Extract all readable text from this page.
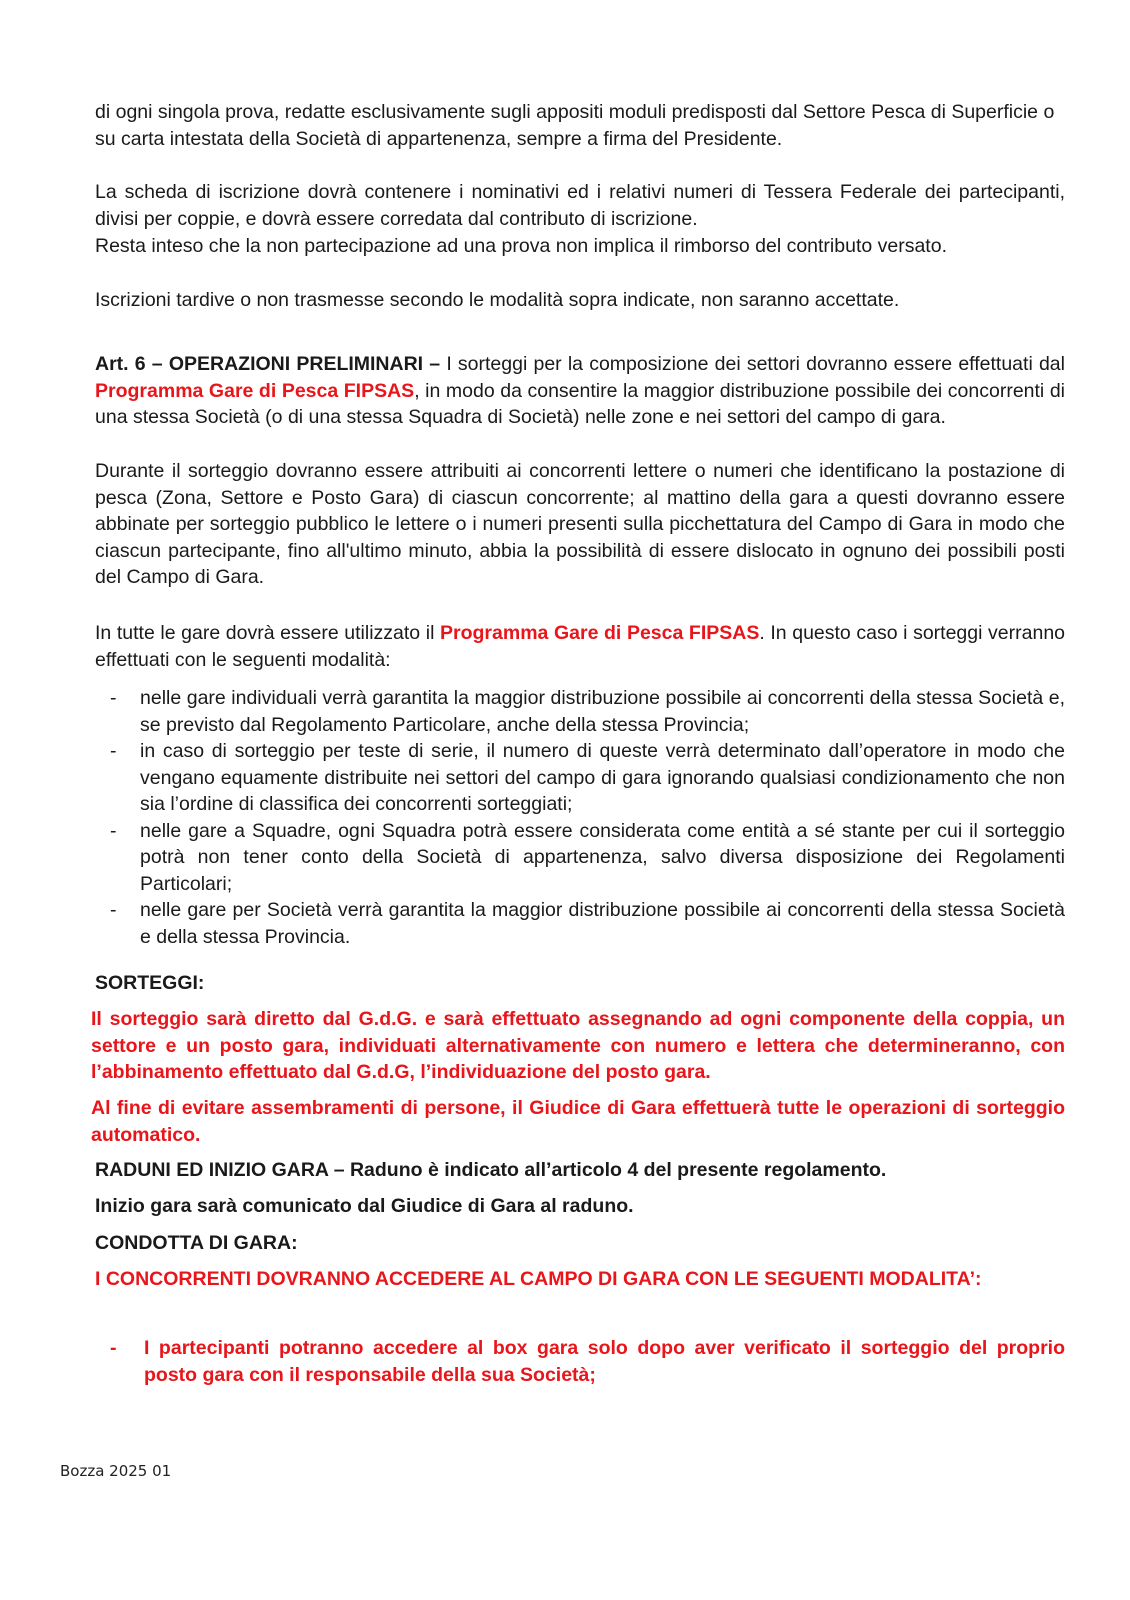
di ogni singola prova, redatte esclusivamente sugli appositi moduli predisposti dal Settore Pesca di Superficie o su carta intestata della Società di appartenenza, sempre a firma del Presidente.

La scheda di iscrizione dovrà contenere i nominativi ed i relativi numeri di Tessera Federale dei partecipanti, divisi per coppie, e dovrà essere corredata dal contributo di iscrizione.

Resta inteso che la non partecipazione ad una prova non implica il rimborso del contributo versato.

Iscrizioni tardive o non trasmesse secondo le modalità sopra indicate, non saranno accettate.

Art. 6 – OPERAZIONI PRELIMINARI – I sorteggi per la composizione dei settori dovranno essere effettuati dal Programma Gare di Pesca FIPSAS, in modo da consentire la maggior distribuzione possibile dei concorrenti di una stessa Società (o di una stessa Squadra di Società) nelle zone e nei settori del campo di gara.

Durante il sorteggio dovranno essere attribuiti ai concorrenti lettere o numeri che identificano la postazione di pesca (Zona, Settore e Posto Gara) di ciascun concorrente; al mattino della gara a questi dovranno essere abbinate per sorteggio pubblico le lettere o i numeri presenti sulla picchettatura del Campo di Gara in modo che ciascun partecipante, fino all'ultimo minuto, abbia la possibilità di essere dislocato in ognuno dei possibili posti del Campo di Gara.

In tutte le gare dovrà essere utilizzato il Programma Gare di Pesca FIPSAS. In questo caso i sorteggi verranno effettuati con le seguenti modalità:

- nelle gare individuali verrà garantita la maggior distribuzione possibile ai concorrenti della stessa Società e, se previsto dal Regolamento Particolare, anche della stessa Provincia;
- in caso di sorteggio per teste di serie, il numero di queste verrà determinato dall’operatore in modo che vengano equamente distribuite nei settori del campo di gara ignorando qualsiasi condizionamento che non sia l’ordine di classifica dei concorrenti sorteggiati;
- nelle gare a Squadre, ogni Squadra potrà essere considerata come entità a sé stante per cui il sorteggio potrà non tener conto della Società di appartenenza, salvo diversa disposizione dei Regolamenti Particolari;
- nelle gare per Società verrà garantita la maggior distribuzione possibile ai concorrenti della stessa Società e della stessa Provincia.

SORTEGGI:

Il sorteggio sarà diretto dal G.d.G. e sarà effettuato assegnando ad ogni componente della coppia, un settore e un posto gara, individuati alternativamente con numero e lettera che determineranno, con l’abbinamento effettuato dal G.d.G, l’individuazione del posto gara.

Al fine di evitare assembramenti di persone, il Giudice di Gara effettuerà tutte le operazioni di sorteggio automatico.

RADUNI ED INIZIO GARA – Raduno è indicato all’articolo 4 del presente regolamento.

Inizio gara sarà comunicato dal Giudice di Gara al raduno.

CONDOTTA DI GARA:

I CONCORRENTI DOVRANNO ACCEDERE AL CAMPO DI GARA CON LE SEGUENTI MODALITA’:

- I partecipanti potranno accedere al box gara solo dopo aver verificato il sorteggio del proprio posto gara con il responsabile della sua Società;
Bozza 2025 01
